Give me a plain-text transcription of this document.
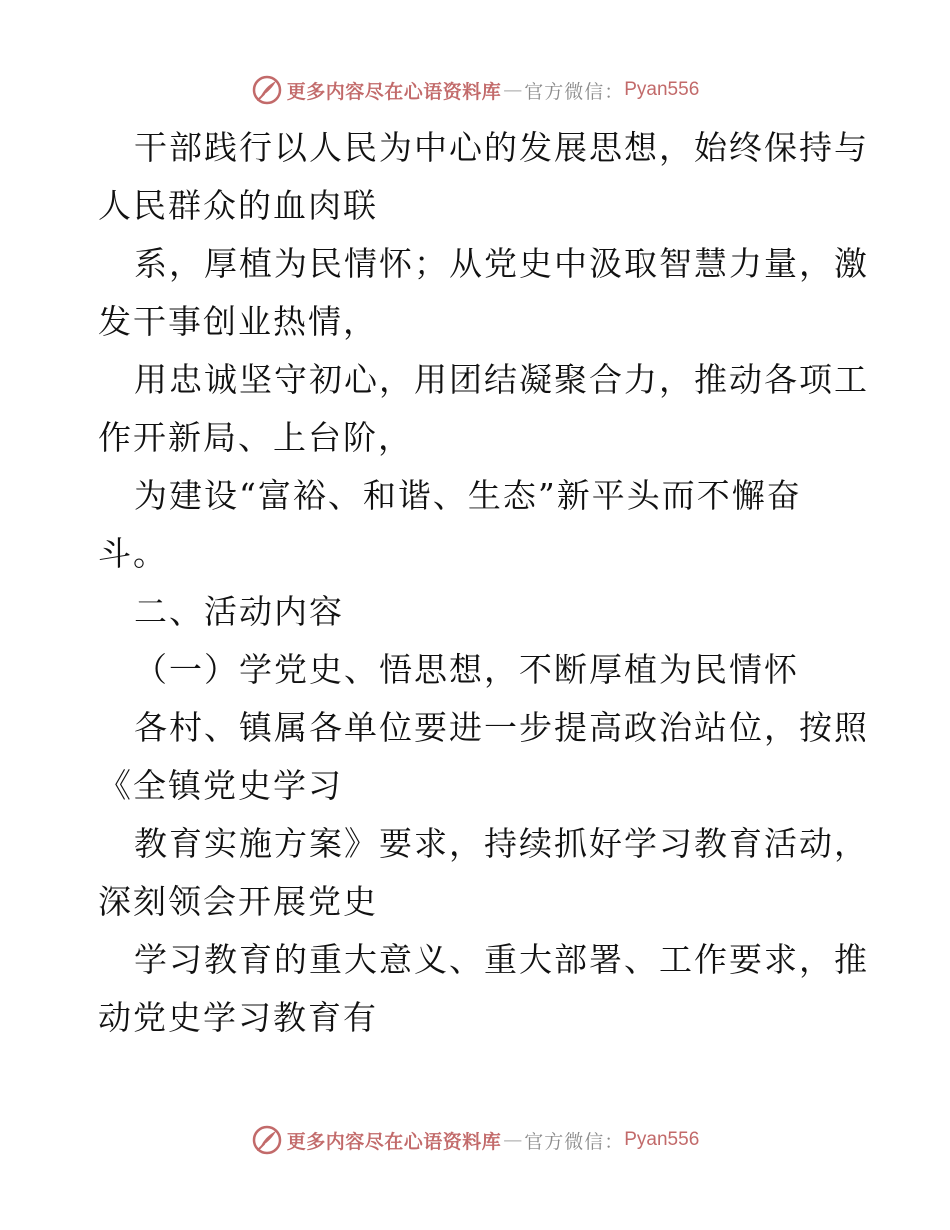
更多内容尽在心语资料库 — 官方微信： Pyan556
干部践行以人民为中心的发展思想，始终保持与
人民群众的血肉联
系，厚植为民情怀；从党史中汲取智慧力量，激
发干事创业热情，
用忠诚坚守初心，用团结凝聚合力，推动各项工
作开新局、上台阶，
为建设“富裕、和谐、生态”新平头而不懈奋
斗。
二、活动内容
（一）学党史、悟思想，不断厚植为民情怀
各村、镇属各单位要进一步提高政治站位，按照
《全镇党史学习
教育实施方案》要求，持续抓好学习教育活动，
深刻领会开展党史
学习教育的重大意义、重大部署、工作要求，推
动党史学习教育有
更多内容尽在心语资料库 — 官方微信： Pyan556
